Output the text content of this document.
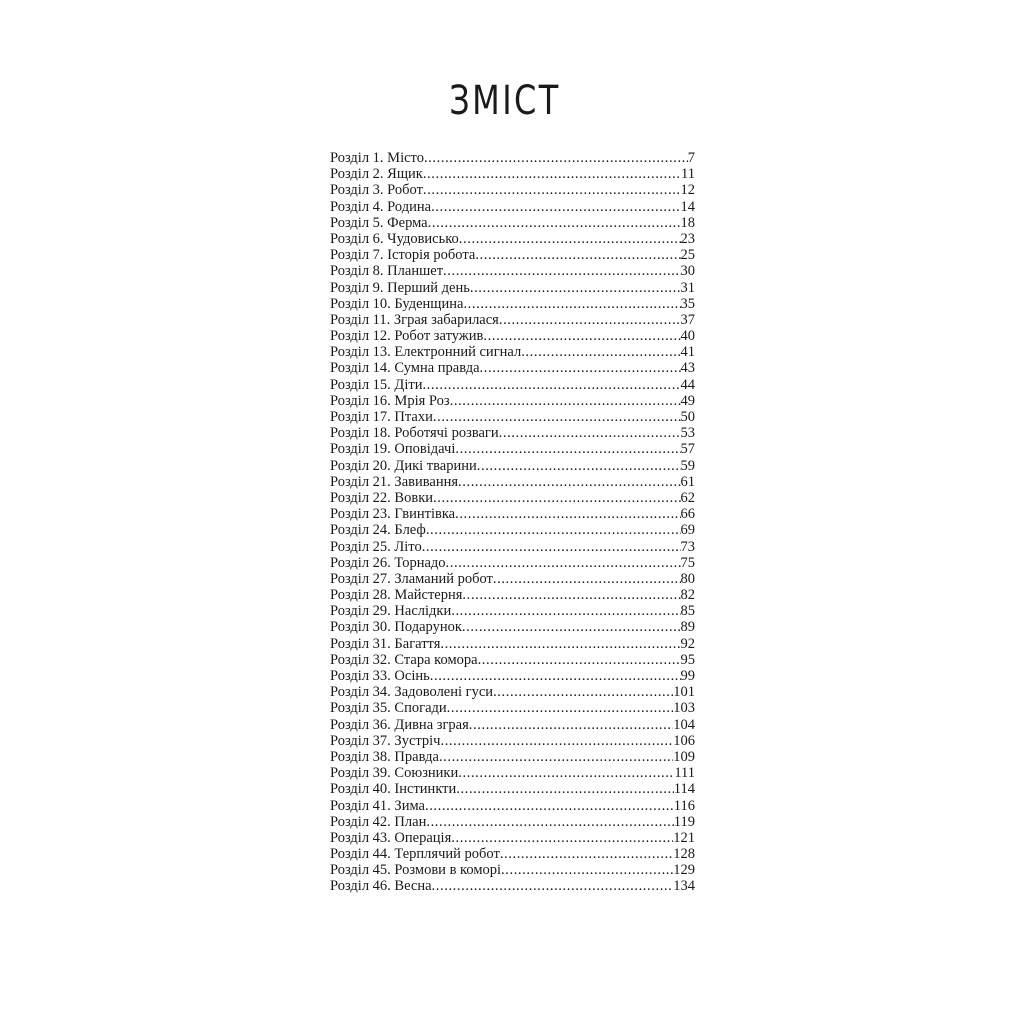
ЗМІСТ
Розділ 1. Місто .....	7
Розділ 2. Ящик .....	11
Розділ 3. Робот .....	12
Розділ 4. Родина .....	14
Розділ 5. Ферма .....	18
Розділ 6. Чудовисько .....	23
Розділ 7. Історія робота .....	25
Розділ 8. Планшет .....	30
Розділ 9. Перший день .....	31
Розділ 10. Буденщина .....	35
Розділ 11. Зграя забарилася .....	37
Розділ 12. Робот затужив .....	40
Розділ 13. Електронний сигнал .....	41
Розділ 14. Сумна правда .....	43
Розділ 15. Діти .....	44
Розділ 16. Мрія Роз .....	49
Розділ 17. Птахи .....	50
Розділ 18. Роботячі розваги .....	53
Розділ 19. Оповідачі .....	57
Розділ 20. Дикі тварини .....	59
Розділ 21. Завивання .....	61
Розділ 22. Вовки .....	62
Розділ 23. Гвинтівка .....	66
Розділ 24. Блеф .....	69
Розділ 25. Літо .....	73
Розділ 26. Торнадо .....	75
Розділ 27. Зламаний робот .....	80
Розділ 28. Майстерня .....	82
Розділ 29. Наслідки .....	85
Розділ 30. Подарунок .....	89
Розділ 31. Багаття .....	92
Розділ 32. Стара комора .....	95
Розділ 33. Осінь .....	99
Розділ 34. Задоволені гуси .....	101
Розділ 35. Спогади .....	103
Розділ 36. Дивна зграя .....	104
Розділ 37. Зустріч .....	106
Розділ 38. Правда .....	109
Розділ 39. Союзники .....	111
Розділ 40. Інстинкти .....	114
Розділ 41. Зима .....	116
Розділ 42. План .....	119
Розділ 43. Операція .....	121
Розділ 44. Терплячий робот .....	128
Розділ 45. Розмови в коморі .....	129
Розділ 46. Весна .....	134
